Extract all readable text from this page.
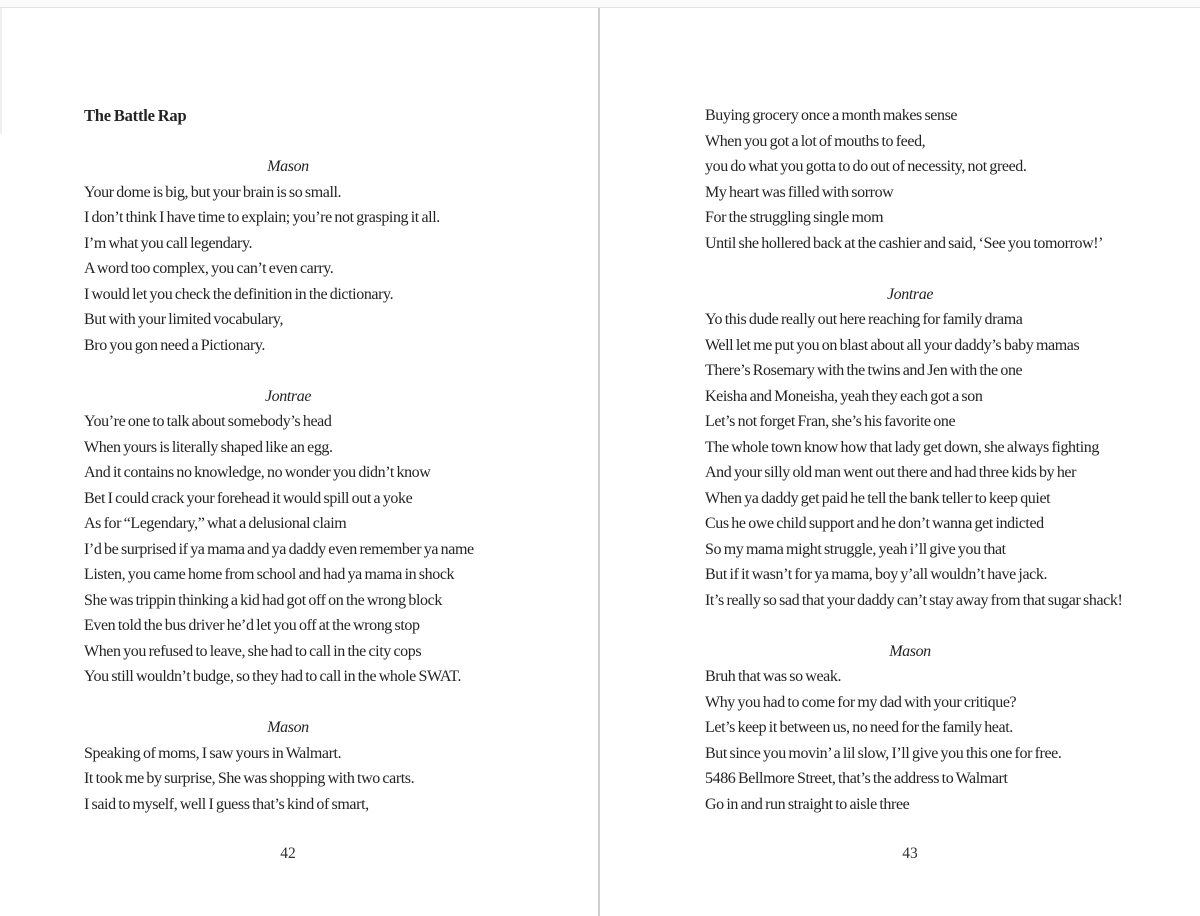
The Battle Rap
Mason
Your dome is big, but your brain is so small.
I don’t think I have time to explain; you’re not grasping it all.
I’m what you call legendary.
A word too complex, you can’t even carry.
I would let you check the definition in the dictionary.
But with your limited vocabulary,
Bro you gon need a Pictionary.
Jontrae
You’re one to talk about somebody’s head
When yours is literally shaped like an egg.
And it contains no knowledge, no wonder you didn’t know
Bet I could crack your forehead it would spill out a yoke
As for “Legendary,” what a delusional claim
I’d be surprised if ya mama and ya daddy even remember ya name
Listen, you came home from school and had ya mama in shock
She was trippin thinking a kid had got off on the wrong block
Even told the bus driver he’d let you off at the wrong stop
When you refused to leave, she had to call in the city cops
You still wouldn’t budge, so they had to call in the whole SWAT.
Mason
Speaking of moms, I saw yours in Walmart.
It took me by surprise, She was shopping with two carts.
I said to myself, well I guess that’s kind of smart,
42
Buying grocery once a month makes sense
When you got a lot of mouths to feed,
you do what you gotta to do out of necessity, not greed.
My heart was filled with sorrow
For the struggling single mom
Until she hollered back at the cashier and said, ‘See you tomorrow!’
Jontrae
Yo this dude really out here reaching for family drama
Well let me put you on blast about all your daddy’s baby mamas
There’s Rosemary with the twins and Jen with the one
Keisha and Moneisha, yeah they each got a son
Let’s not forget Fran, she’s his favorite one
The whole town know how that lady get down, she always fighting
And your silly old man went out there and had three kids by her
When ya daddy get paid he tell the bank teller to keep quiet
Cus he owe child support and he don’t wanna get indicted
So my mama might struggle, yeah i’ll give you that
But if it wasn’t for ya mama, boy y’all wouldn’t have jack.
It’s really so sad that your daddy can’t stay away from that sugar shack!
Mason
Bruh that was so weak.
Why you had to come for my dad with your critique?
Let’s keep it between us, no need for the family heat.
But since you movin’ a lil slow, I’ll give you this one for free.
5486 Bellmore Street, that’s the address to Walmart
Go in and run straight to aisle three
43
